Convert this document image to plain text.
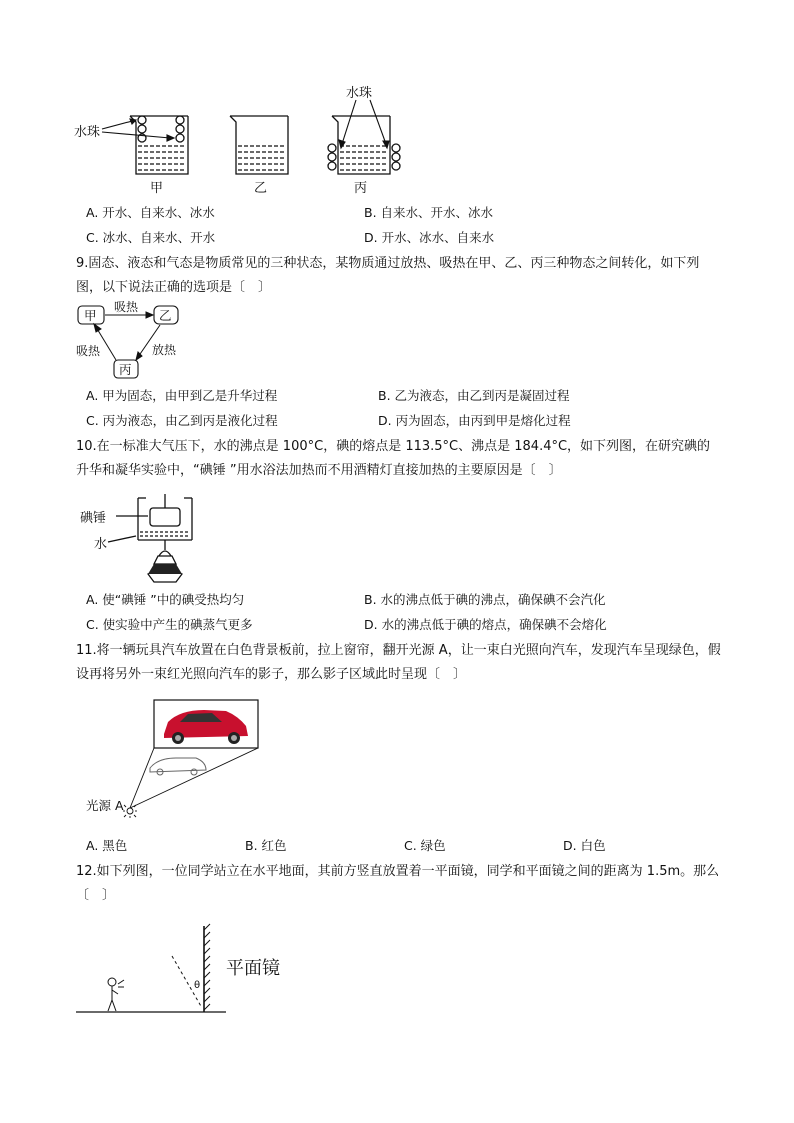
水珠
甲	乙
水珠
丙
A. 开水、自来水、冰水	B. 自来水、开水、冰水
C. 冰水、自来水、开水	D. 开水、冰水、自来水
9.固态、液态和气态是物质常见的三种状态，某物质通过放热、吸热在甲、乙、丙三种物态之间转化，如下列图，以下说法正确的选项是〔　〕
甲	乙
丙
吸热
吸热	放热
A. 甲为固态，由甲到乙是升华过程	B. 乙为液态，由乙到丙是凝固过程
C. 丙为液态，由乙到丙是液化过程	D. 丙为固态，由丙到甲是熔化过程
10.在一标准大气压下，水的沸点是 100°C，碘的熔点是 113.5°C、沸点是 184.4°C，如下列图，在研究碘的升华和凝华实验中，“碘锤 ”用水浴法加热而不用酒精灯直接加热的主要原因是〔　〕
碘锤
水
A. 使“碘锤 ”中的碘受热均匀	B. 水的沸点低于碘的沸点，确保碘不会汽化
C. 使实验中产生的碘蒸气更多	D. 水的沸点低于碘的熔点，确保碘不会熔化
11.将一辆玩具汽车放置在白色背景板前，拉上窗帘，翻开光源 A，让一束白光照向汽车，发现汽车呈现绿色，假设再将另外一束红光照向汽车的影子，那么影子区域此时呈现〔　〕
光源 A
A. 黑色	B. 红色	C. 绿色	D. 白色
12.如下列图，一位同学站立在水平地面，其前方竖直放置着一平面镜，同学和平面镜之间的距离为 1.5m。那么〔　〕
θ
平面镜
